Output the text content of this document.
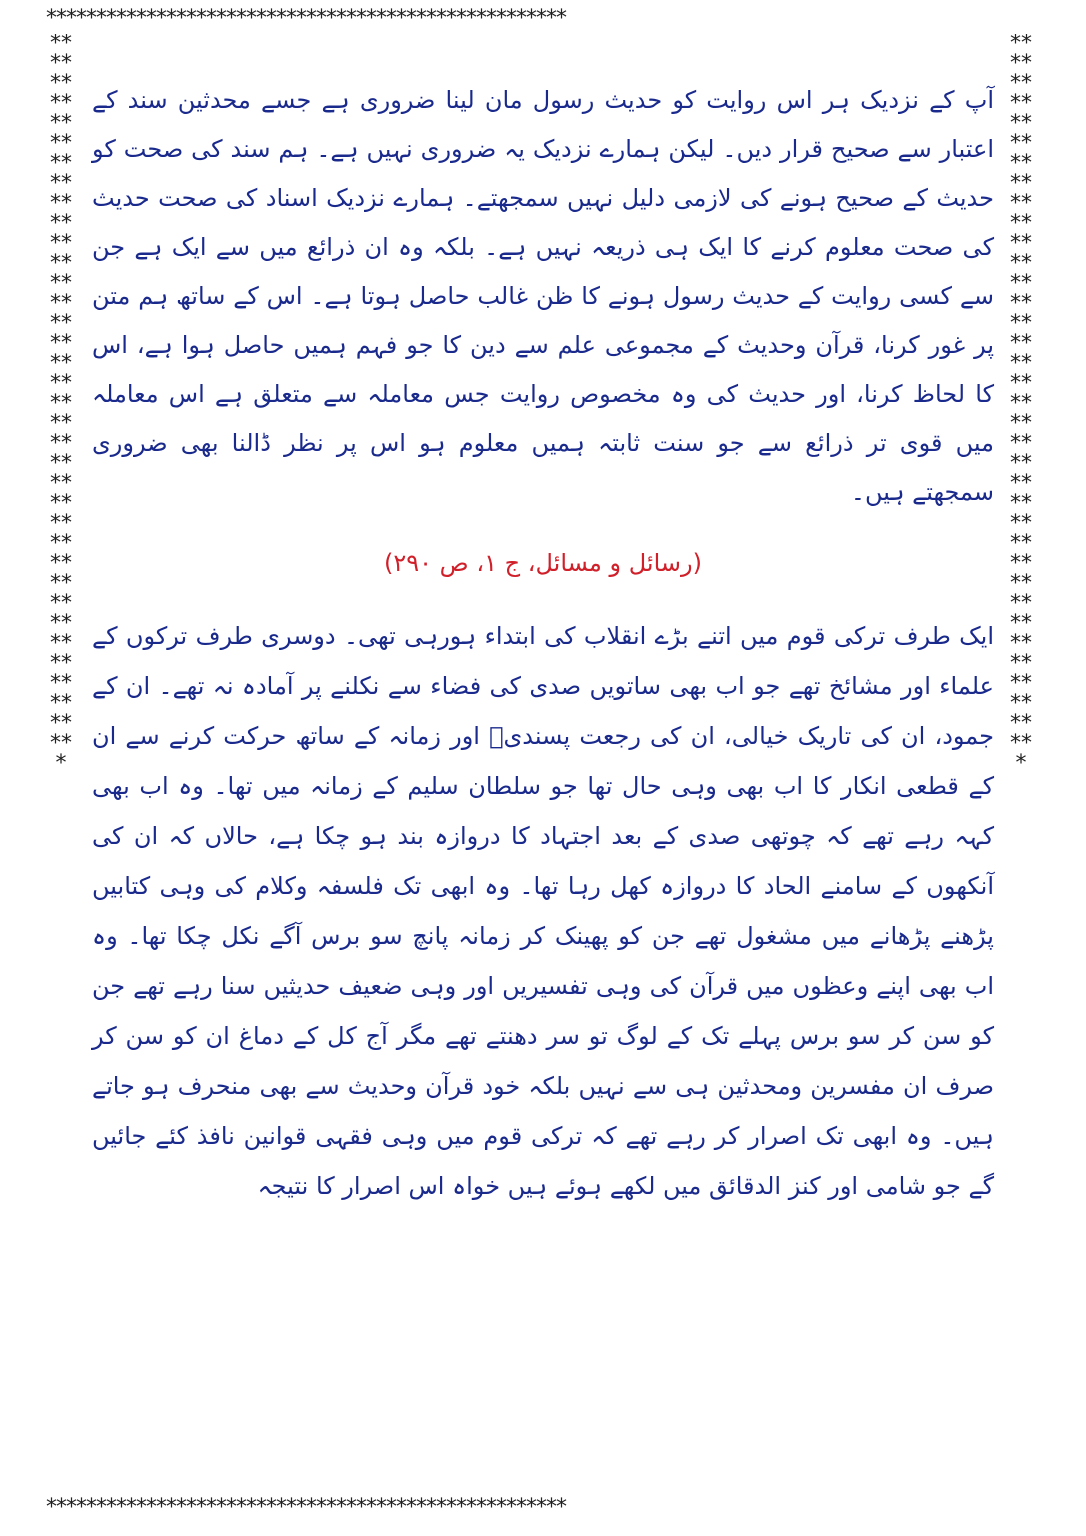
****************************************************
****************************************************
*************************************************************************
*************************************************************************

آپ کے نزدیک ہر اس روایت کو حدیث رسول مان لینا ضروری ہے جسے محدثین سند کے اعتبار سے صحیح قرار دیں۔ لیکن ہمارے نزدیک یہ ضروری نہیں ہے۔ ہم سند کی صحت کو حدیث کے صحیح ہونے کی لازمی دلیل نہیں سمجھتے۔ ہمارے نزدیک اسناد کی صحت حدیث کی صحت معلوم کرنے کا ایک ہی ذریعہ نہیں ہے۔ بلکہ وہ ان ذرائع میں سے ایک ہے جن سے کسی روایت کے حدیث رسول ہونے کا ظن غالب حاصل ہوتا ہے۔ اس کے ساتھ ہم متن پر غور کرنا، قرآن وحدیث کے مجموعی علم سے دین کا جو فہم ہمیں حاصل ہوا ہے، اس کا لحاظ کرنا، اور حدیث کی وہ مخصوص روایت جس معاملہ سے متعلق ہے اس معاملہ میں قوی تر ذرائع سے جو سنت ثابتہ ہمیں معلوم ہو اس پر نظر ڈالنا بھی ضروری سمجھتے ہیں۔

(رسائل و مسائل، ج ۱، ص ۲۹۰)

ایک طرف ترکی قوم میں اتنے بڑے انقلاب کی ابتداء ہورہی تھی۔ دوسری طرف ترکوں کے علماء اور مشائخ تھے جو اب بھی ساتویں صدی کی فضاء سے نکلنے پر آمادہ نہ تھے۔ ان کے جمود، ان کی تاریک خیالی، ان کی رجعت پسندیؑ اور زمانہ کے ساتھ حرکت کرنے سے ان کے قطعی انکار کا اب بھی وہی حال تھا جو سلطان سلیم کے زمانہ میں تھا۔ وہ اب بھی کہہ رہے تھے کہ چوتھی صدی کے بعد اجتہاد کا دروازہ بند ہو چکا ہے، حالاں کہ ان کی آنکھوں کے سامنے الحاد کا دروازہ کھل رہا تھا۔ وہ ابھی تک فلسفہ وکلام کی وہی کتابیں پڑھنے پڑھانے میں مشغول تھے جن کو پھینک کر زمانہ پانچ سو برس آگے نکل چکا تھا۔ وہ اب بھی اپنے وعظوں میں قرآن کی وہی تفسیریں اور وہی ضعیف حدیثیں سنا رہے تھے جن کو سن کر سو برس پہلے تک کے لوگ تو سر دھنتے تھے مگر آج کل کے دماغ ان کو سن کر صرف ان مفسرین ومحدثین ہی سے نہیں بلکہ خود قرآن وحدیث سے بھی منحرف ہو جاتے ہیں۔ وہ ابھی تک اصرار کر رہے تھے کہ ترکی قوم میں وہی فقہی قوانین نافذ کئے جائیں گے جو شامی اور کنز الدقائق میں لکھے ہوئے ہیں خواہ اس اصرار کا نتیجہ
